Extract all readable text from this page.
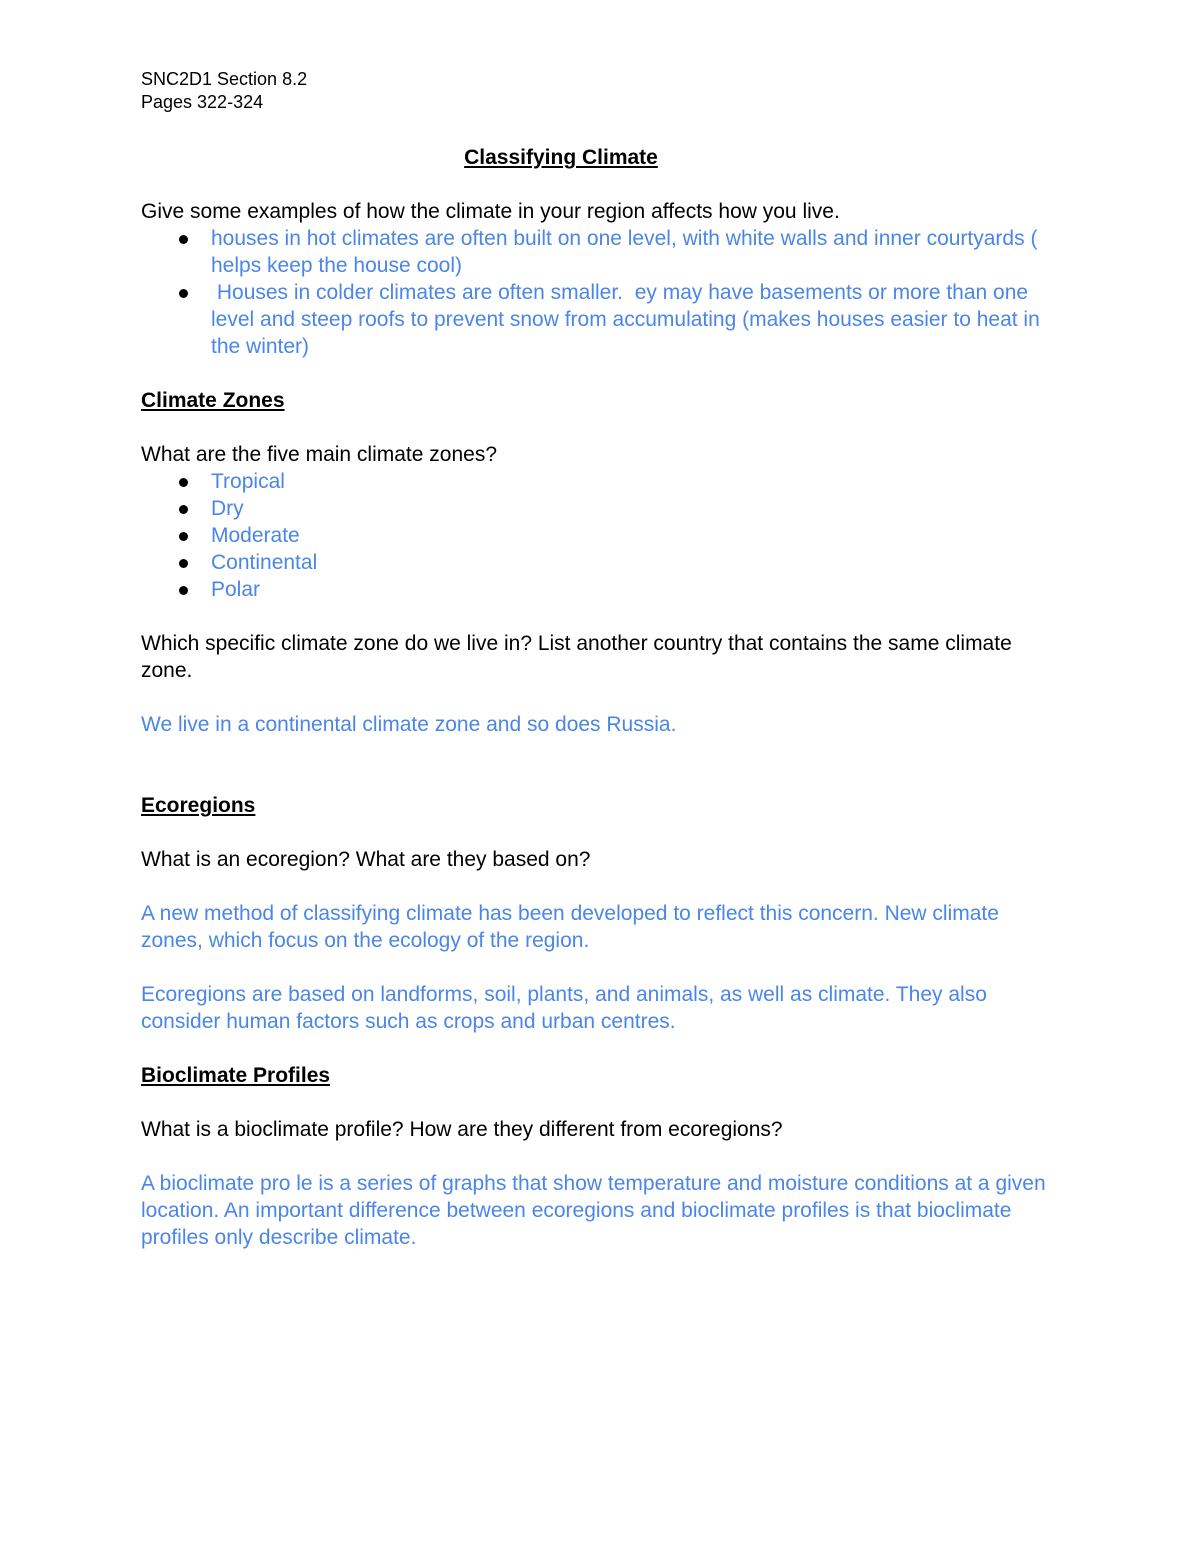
SNC2D1 Section 8.2
Pages 322-324
Classifying Climate
Give some examples of how the climate in your region affects how you live.
houses in hot climates are often built on one level, with white walls and inner courtyards ( helps keep the house cool)
Houses in colder climates are often smaller.  ey may have basements or more than one level and steep roofs to prevent snow from accumulating (makes houses easier to heat in the winter)
Climate Zones
What are the five main climate zones?
Tropical
Dry
Moderate
Continental
Polar
Which specific climate zone do we live in? List another country that contains the same climate zone.
We live in a continental climate zone and so does Russia.
Ecoregions
What is an ecoregion? What are they based on?
A new method of classifying climate has been developed to reflect this concern. New climate zones, which focus on the ecology of the region.
Ecoregions are based on landforms, soil, plants, and animals, as well as climate. They also consider human factors such as crops and urban centres.
Bioclimate Profiles
What is a bioclimate profile? How are they different from ecoregions?
A bioclimate pro le is a series of graphs that show temperature and moisture conditions at a given location. An important difference between ecoregions and bioclimate profiles is that bioclimate profiles only describe climate.
